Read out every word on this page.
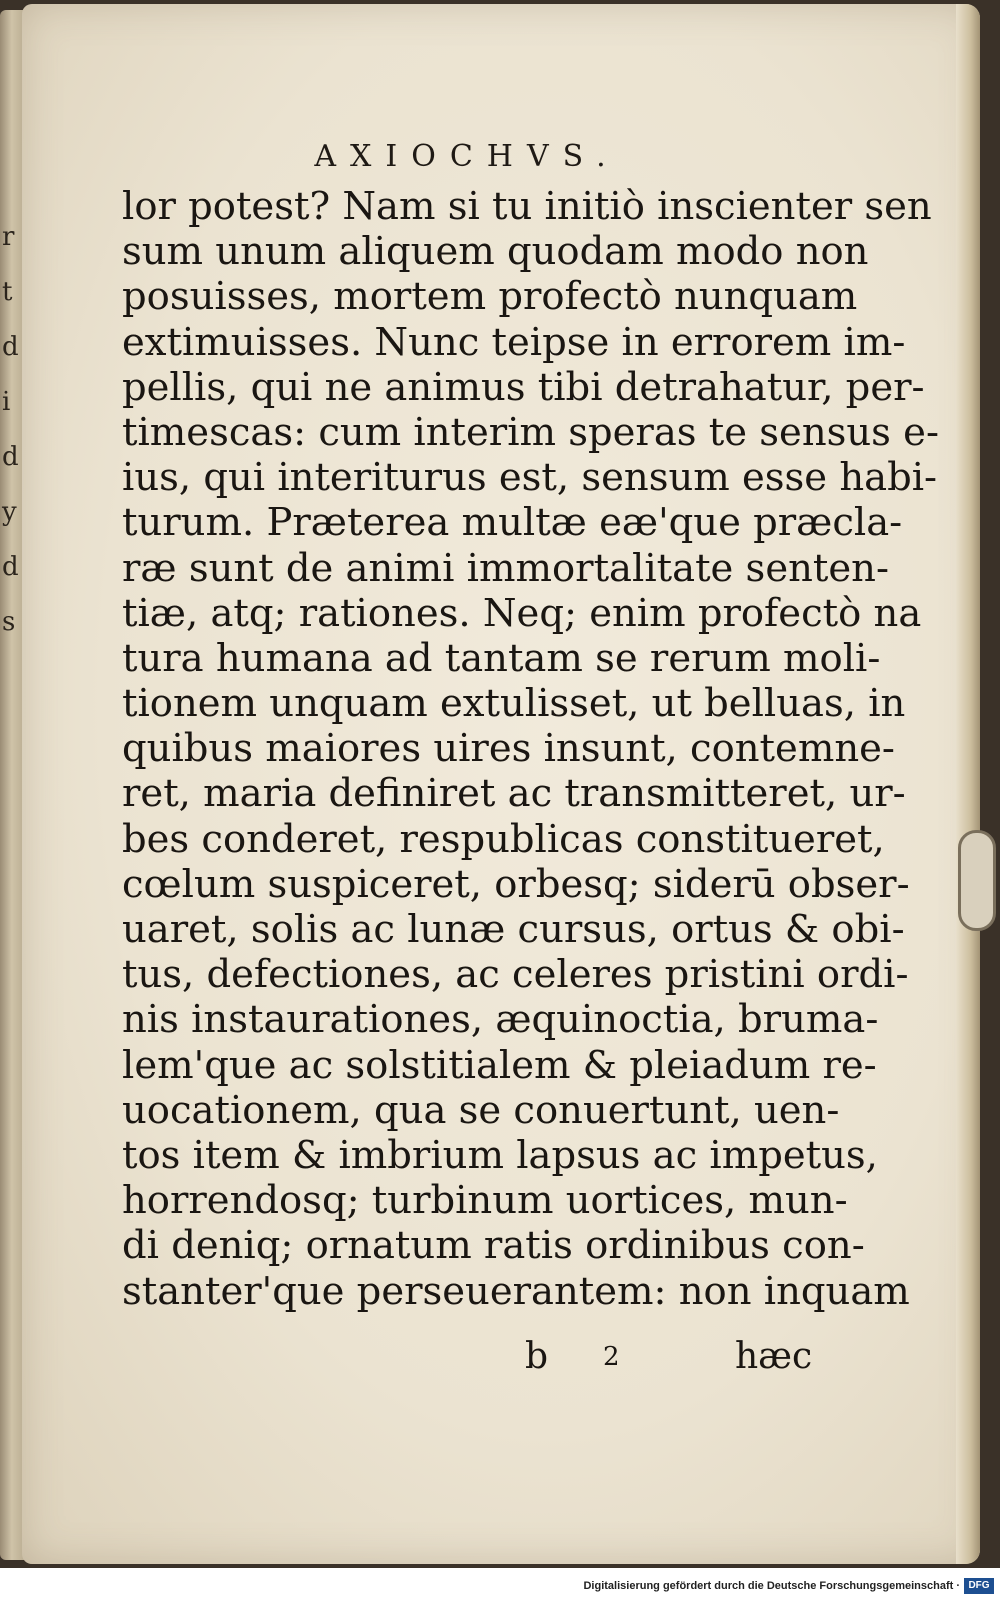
r t d i d y d s
AXIOCHVS.
lor potest? Nam si tu initiò inscienter sen
sum unum aliquem quodam modo non
posuisses, mortem profectò nunquam
extimuisses. Nunc teipse in errorem im-
pellis, qui ne animus tibi detrahatur, per-
timescas: cum interim speras te sensus e-
ius, qui interiturus est, sensum esse habi-
turum. Præterea multæ eæ'que præcla-
ræ sunt de animi immortalitate senten-
tiæ, atq; rationes. Neq; enim profectò na
tura humana ad tantam se rerum moli-
tionem unquam extulisset, ut belluas, in
quibus maiores uires insunt, contemne-
ret, maria definiret ac transmitteret, ur-
bes conderet, respublicas constitueret,
cœlum suspiceret, orbesq; siderū obser-
uaret, solis ac lunæ cursus, ortus & obi-
tus, defectiones, ac celeres pristini ordi-
nis instaurationes, æquinoctia, bruma-
lem'que ac solstitialem & pleiadum re-
uocationem, qua se conuertunt, uen-
tos item & imbrium lapsus ac impetus,
horrendosq; turbinum uortices, mun-
di deniq; ornatum ratis ordinibus con-
stanter'que perseuerantem: non inquam
b 2	hæc
Digitalisierung gefördert durch die Deutsche Forschungsgemeinschaft · DFG
